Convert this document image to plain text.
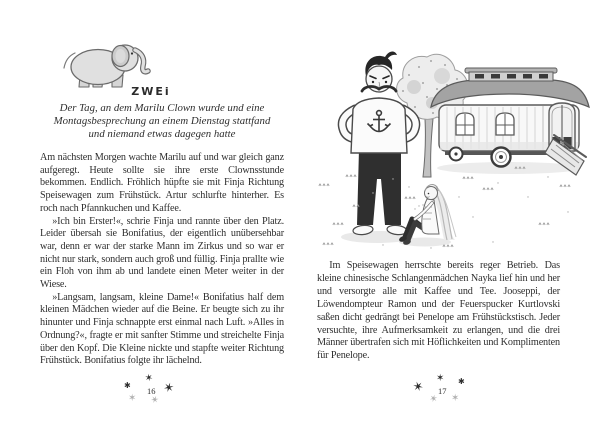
ZWEi
Der Tag, an dem Marilu Clown wurde und eine
Montagsbesprechung an einem Dienstag stattfand
und niemand etwas dagegen hatte

Am nächsten Morgen wachte Marilu auf und war gleich ganz aufgeregt. Heute sollte sie ihre erste Clownsstunde bekommen. Endlich. Fröhlich hüpfte sie mit Finja Richtung Speisewagen zum Frühstück. Artur schlurfte hinterher. Es roch nach Pfannkuchen und Kaffee.

»Ich bin Erster!«, schrie Finja und rannte über den Platz. Leider übersah sie Bonifatius, der eigentlich unübersehbar war, denn er war der starke Mann im Zirkus und so war er nicht nur stark, sondern auch groß und füllig. Finja prallte wie ein Floh von ihm ab und landete einen Meter weiter in der Wiese.

»Langsam, langsam, kleine Dame!« Bonifatius half dem kleinen Mädchen wieder auf die Beine. Er beugte sich zu ihr hinunter und Finja schnappte erst einmal nach Luft. »Alles in Ordnung?«, fragte er mit sanfter Stimme und streichelte Finja über den Kopf. Die Kleine nickte und stapfte weiter Richtung Frühstück. Bonifatius folgte ihr lächelnd.

Im Speisewagen herrschte bereits reger Betrieb. Das kleine chinesische Schlangenmädchen Nayka lief hin und her und versorgte alle mit Kaffee und Tee. Jooseppi, der Löwendompteur Ramon und der Feuerspucker Kurtlovski saßen dicht gedrängt bei Penelope am Frühstückstisch. Jeder versuchte, ihre Aufmerksamkeit zu erlangen, und die drei Männer übertrafen sich mit Höflichkeiten und Komplimenten für Penelope.

✱
✶
✶
✶ ✶
16	✶
✶ ✱
✶ ✶
17
